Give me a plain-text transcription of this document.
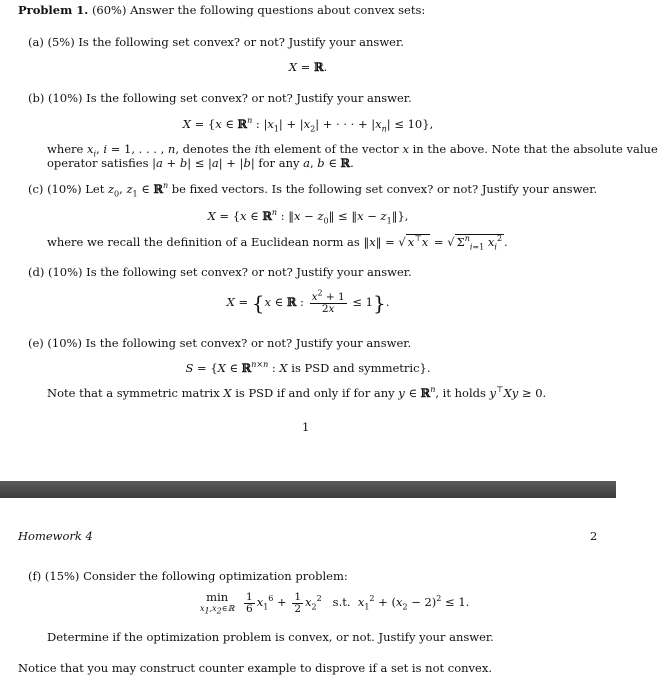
Problem 1. (60%) Answer the following questions about convex sets:
(a) (5%) Is the following set convex? or not? Justify your answer.
X = ℝ.
(b) (10%) Is the following set convex? or not? Justify your answer.
X = {x ∈ ℝ$^n$ : $|x_1| + |x_2|$ + · · · + $|x_n| \le 10$},
where $x_i$, i = 1, . . . , n, denotes the ith element of the vector x in the above. Note that the absolute value
operator satisfies |a + b| ≤ |a| + |b| for any a, b ∈ ℝ.
(c) (10%) Let $z_0$, $z_1$ ∈ ℝ$^n$ be fixed vectors. Is the following set convex? or not? Justify your answer.
X = {x ∈ ℝ$^n$ : ‖x − $z_0‖$ ≤ ‖x − $z_1‖$},
where we recall the definition of a Euclidean norm as ‖x‖ = √ x⊤x = √ $\Sigma^n_{i=1}$ $x_i^2$ .
(d) (10%) Is the following set convex? or not? Justify your answer.
X = {x ∈ ℝ : $\frac{x^2 + 1}{2x} \le 1$}.
(e) (10%) Is the following set convex? or not? Justify your answer.
S = {X ∈ ℝ$^{n\times n}$ : X is PSD and symmetric}.
Note that a symmetric matrix X is PSD if and only if for any y ∈ ℝ$^n$, it holds y⊤Xy ≥ 0.
1
Homework 4	2
(f) (15%) Consider the following optimization problem:
min
$x_1,x_2\in ℝ$
$\frac{1}{6} x_1^6 + \frac{1}{2} x_2^2$   s.t.  $x_1^2 + (x_2 - 2)^2 \le 1$.
Determine if the optimization problem is convex, or not. Justify your answer.
Notice that you may construct counter example to disprove if a set is not convex.
